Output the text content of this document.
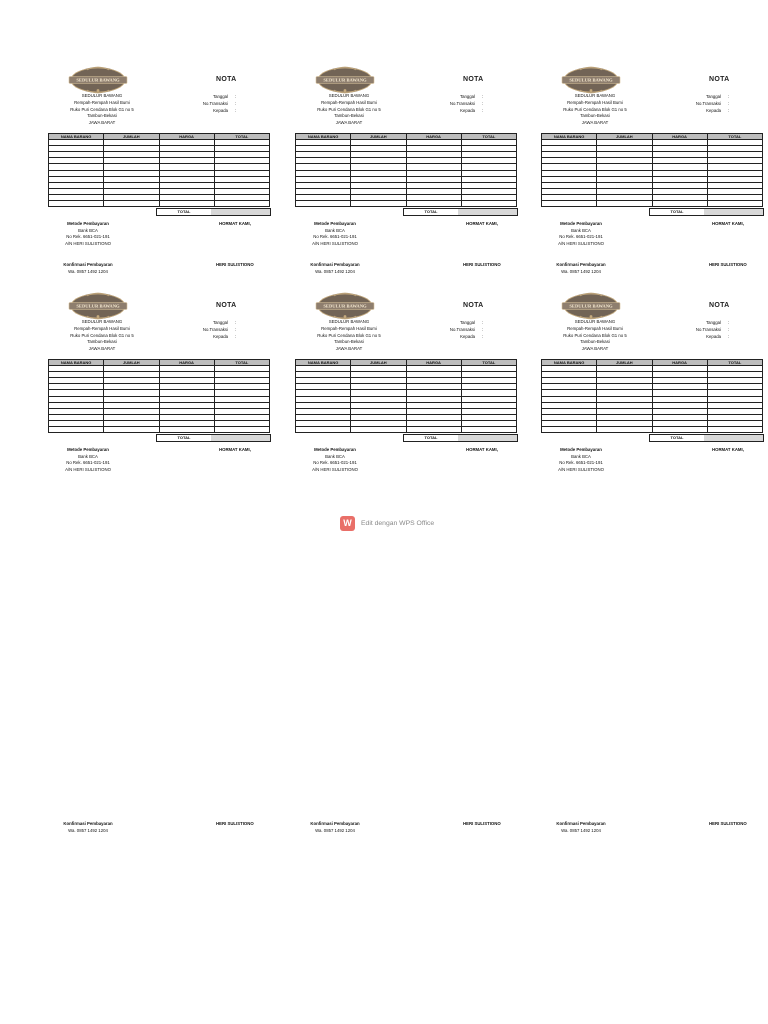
SEDULUR BAWANG	NOTA
SEDULUR BAWANG
Rempah-Rempah Hasil Bumi
Ruko Puri Cendana Blok G1 no 5
Tambun-Bekasi
JAWA BARAT
Tanggal :
No.Transaksi :
Kepada :
NAMA BARANG	JUMLAH	HARGA	TOTAL

TOTAL
Metode Pembayaran
Bank BCA
No Rek. 6651-021-191
A/N HERI SULISTIONO
HORMAT KAMI,
Konfirmasi Pembayaran
Wa. 0857 1492 1204
HERI SULISTIONO
SEDULUR BAWANG	NOTA
SEDULUR BAWANG
Rempah-Rempah Hasil Bumi
Ruko Puri Cendana Blok G1 no 5
Tambun-Bekasi
JAWA BARAT
Tanggal :
No.Transaksi :
Kepada :
NAMA BARANG	JUMLAH	HARGA	TOTAL

TOTAL
Metode Pembayaran
Bank BCA
No Rek. 6651-021-191
A/N HERI SULISTIONO
HORMAT KAMI,
Konfirmasi Pembayaran
Wa. 0857 1492 1204
HERI SULISTIONO
SEDULUR BAWANG	NOTA
SEDULUR BAWANG
Rempah-Rempah Hasil Bumi
Ruko Puri Cendana Blok G1 no 5
Tambun-Bekasi
JAWA BARAT
Tanggal :
No.Transaksi :
Kepada :
NAMA BARANG	JUMLAH	HARGA	TOTAL

TOTAL
Metode Pembayaran
Bank BCA
No Rek. 6651-021-191
A/N HERI SULISTIONO
HORMAT KAMI,
Konfirmasi Pembayaran
Wa. 0857 1492 1204
HERI SULISTIONO
SEDULUR BAWANG	NOTA
SEDULUR BAWANG
Rempah-Rempah Hasil Bumi
Ruko Puri Cendana Blok G1 no 5
Tambun-Bekasi
JAWA BARAT
Tanggal :
No.Transaksi :
Kepada :
NAMA BARANG	JUMLAH	HARGA	TOTAL

TOTAL
Metode Pembayaran
Bank BCA
No Rek. 6651-021-191
A/N HERI SULISTIONO
HORMAT KAMI,
Konfirmasi Pembayaran
Wa. 0857 1492 1204
HERI SULISTIONO
SEDULUR BAWANG	NOTA
SEDULUR BAWANG
Rempah-Rempah Hasil Bumi
Ruko Puri Cendana Blok G1 no 5
Tambun-Bekasi
JAWA BARAT
Tanggal :
No.Transaksi :
Kepada :
NAMA BARANG	JUMLAH	HARGA	TOTAL

TOTAL
Metode Pembayaran
Bank BCA
No Rek. 6651-021-191
A/N HERI SULISTIONO
HORMAT KAMI,
Konfirmasi Pembayaran
Wa. 0857 1492 1204
HERI SULISTIONO
SEDULUR BAWANG	NOTA
SEDULUR BAWANG
Rempah-Rempah Hasil Bumi
Ruko Puri Cendana Blok G1 no 5
Tambun-Bekasi
JAWA BARAT
Tanggal :
No.Transaksi :
Kepada :
NAMA BARANG	JUMLAH	HARGA	TOTAL

TOTAL
Metode Pembayaran
Bank BCA
No Rek. 6651-021-191
A/N HERI SULISTIONO
HORMAT KAMI,
Konfirmasi Pembayaran
Wa. 0857 1492 1204
HERI SULISTIONO
W	Edit dengan WPS Office
